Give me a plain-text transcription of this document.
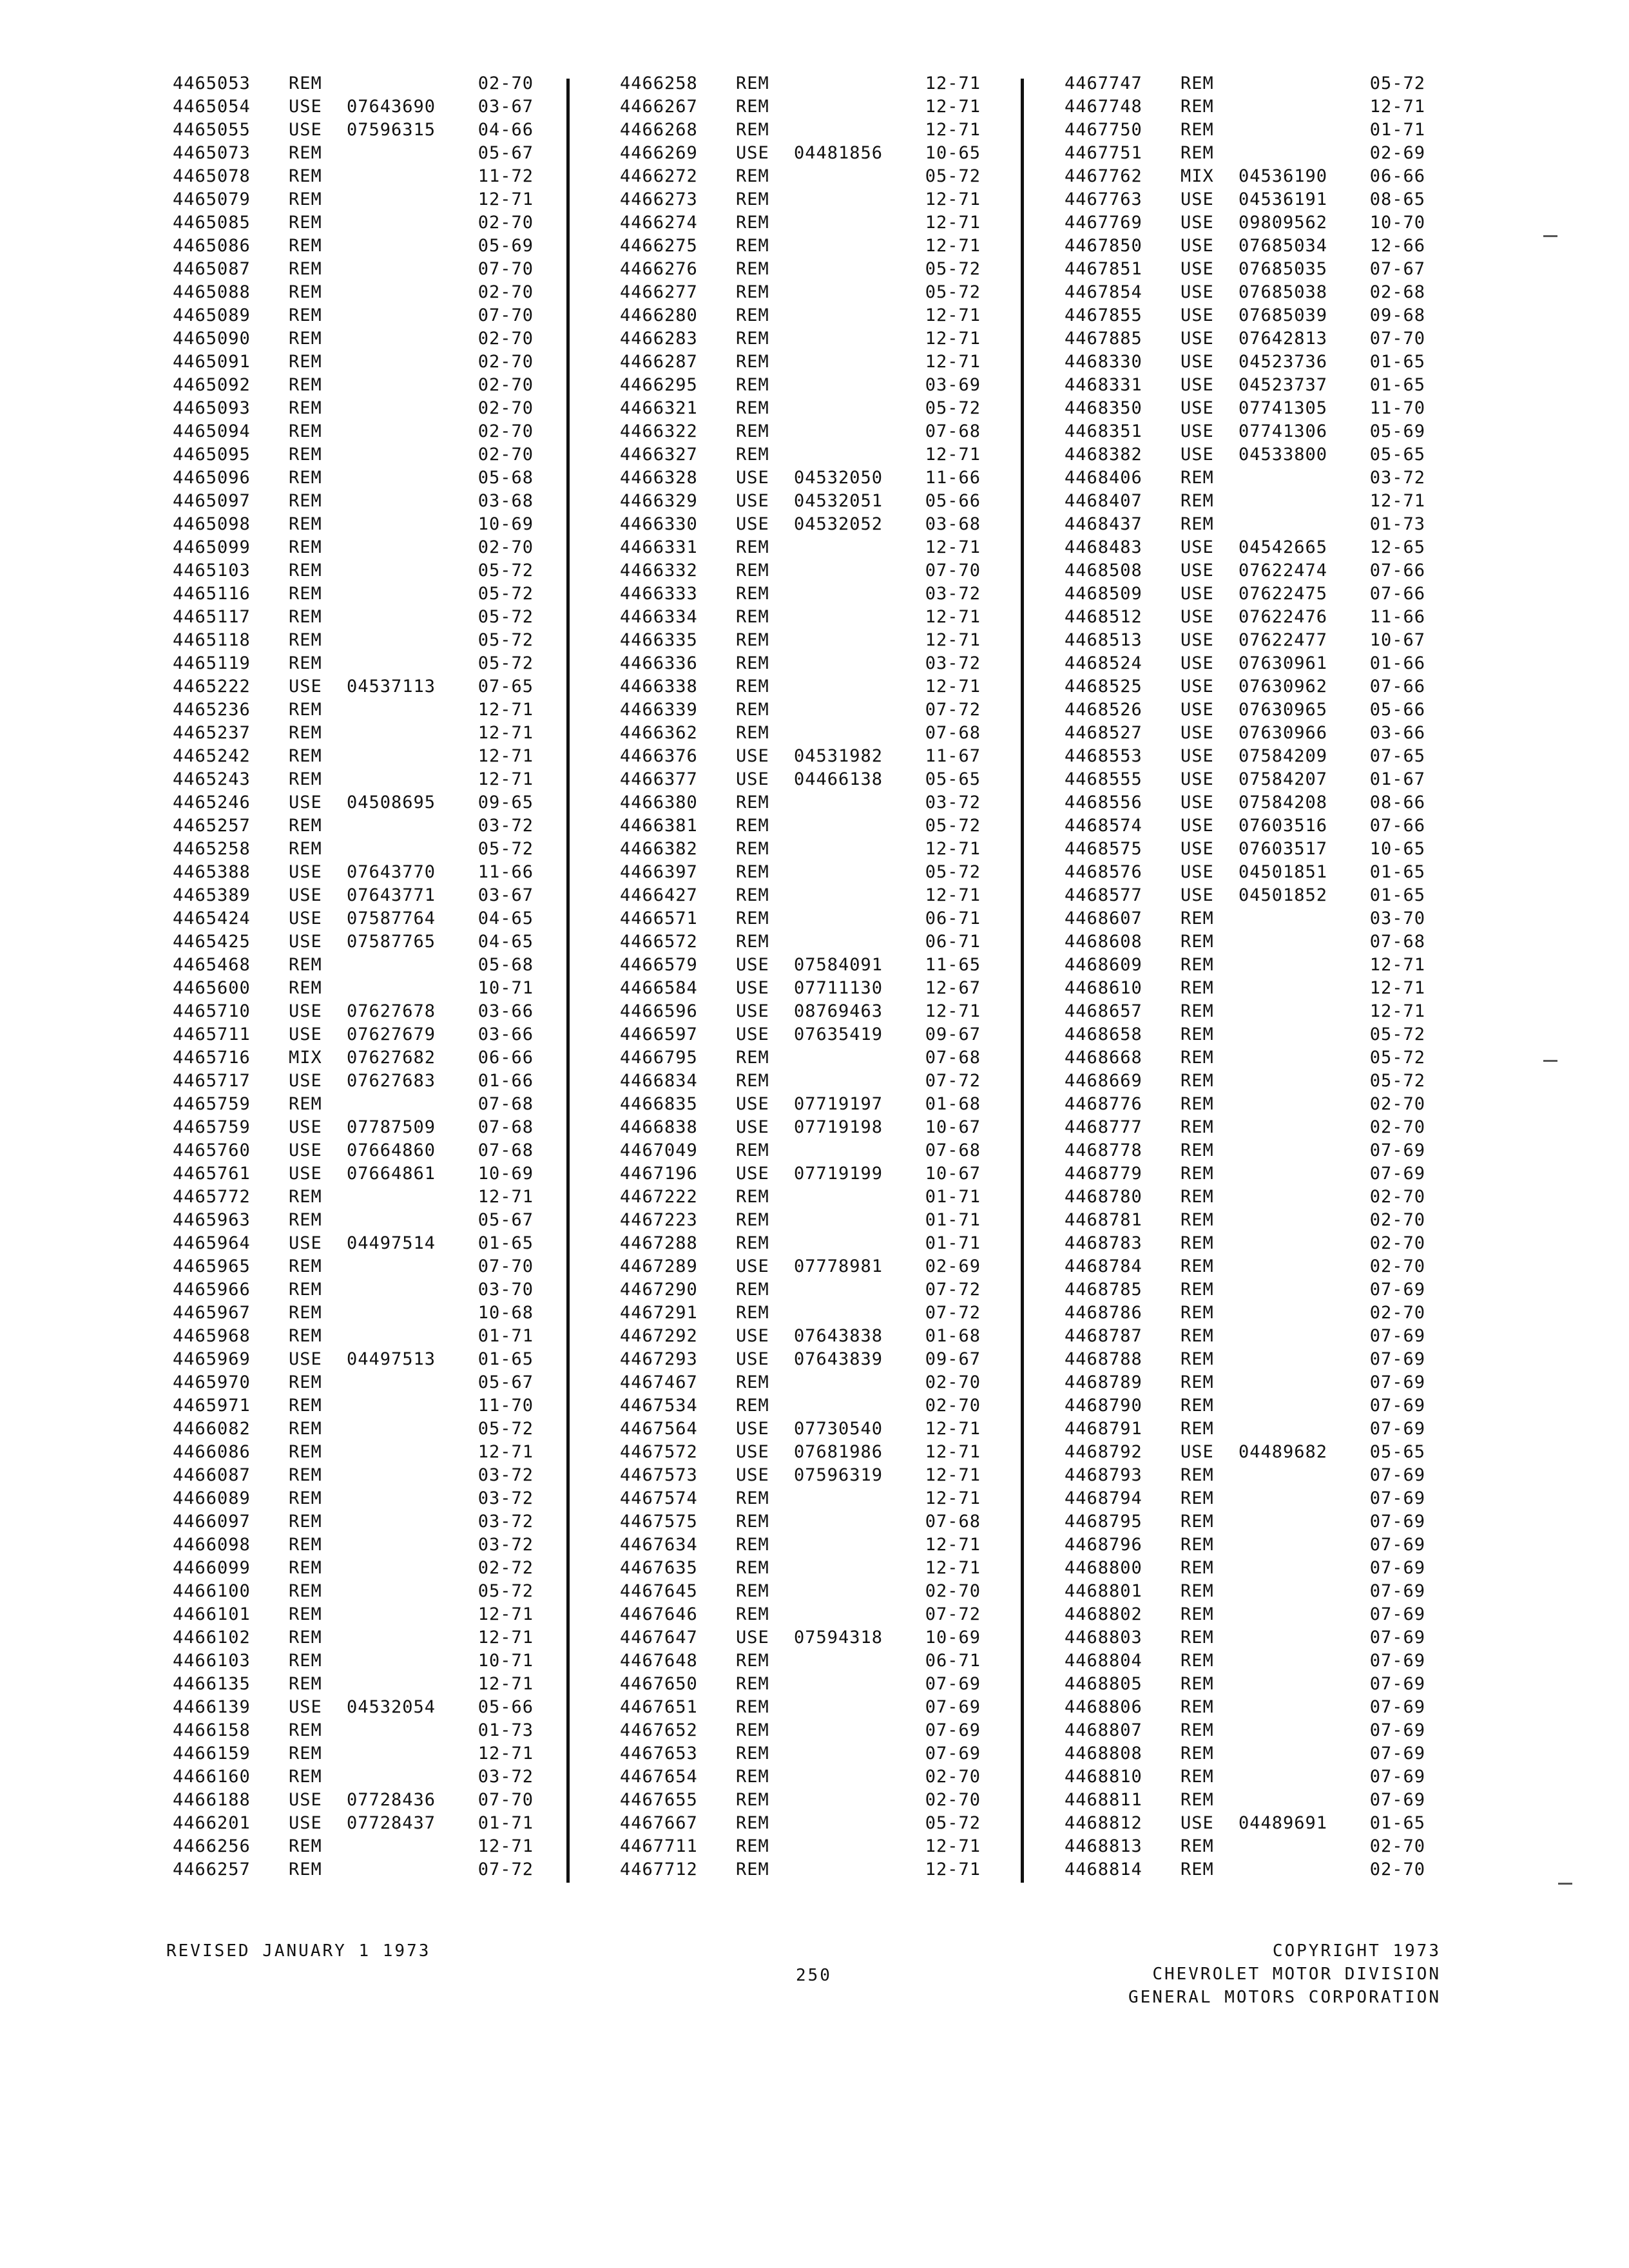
4465053 REM	02-70
4465054 USE 07643690 03-67
4465055 USE 07596315 04-66
4465073 REM	05-67
4465078 REM	11-72
4465079 REM	12-71
4465085 REM	02-70
4465086 REM	05-69
4465087 REM	07-70
4465088 REM	02-70
4465089 REM	07-70
4465090 REM	02-70
4465091 REM	02-70
4465092 REM	02-70
4465093 REM	02-70
4465094 REM	02-70
4465095 REM	02-70
4465096 REM	05-68
4465097 REM	03-68
4465098 REM	10-69
4465099 REM	02-70
4465103 REM	05-72
4465116 REM	05-72
4465117 REM	05-72
4465118 REM	05-72
4465119 REM	05-72
4465222 USE 04537113 07-65
4465236 REM	12-71
4465237 REM	12-71
4465242 REM	12-71
4465243 REM	12-71
4465246 USE 04508695 09-65
4465257 REM	03-72
4465258 REM	05-72
4465388 USE 07643770 11-66
4465389 USE 07643771 03-67
4465424 USE 07587764 04-65
4465425 USE 07587765 04-65
4465468 REM	05-68
4465600 REM	10-71
4465710 USE 07627678 03-66
4465711 USE 07627679 03-66
4465716 MIX 07627682 06-66
4465717 USE 07627683 01-66
4465759 REM	07-68
4465759 USE 07787509 07-68
4465760 USE 07664860 07-68
4465761 USE 07664861 10-69
4465772 REM	12-71
4465963 REM	05-67
4465964 USE 04497514 01-65
4465965 REM	07-70
4465966 REM	03-70
4465967 REM	10-68
4465968 REM	01-71
4465969 USE 04497513 01-65
4465970 REM	05-67
4465971 REM	11-70
4466082 REM	05-72
4466086 REM	12-71
4466087 REM	03-72
4466089 REM	03-72
4466097 REM	03-72
4466098 REM	03-72
4466099 REM	02-72
4466100 REM	05-72
4466101 REM	12-71
4466102 REM	12-71
4466103 REM	10-71
4466135 REM	12-71
4466139 USE 04532054 05-66
4466158 REM	01-73
4466159 REM	12-71
4466160 REM	03-72
4466188 USE 07728436 07-70
4466201 USE 07728437 01-71
4466256 REM	12-71
4466257 REM	07-72
4466258 REM	12-71
4466267 REM	12-71
4466268 REM	12-71
4466269 USE 04481856 10-65
4466272 REM	05-72
4466273 REM	12-71
4466274 REM	12-71
4466275 REM	12-71
4466276 REM	05-72
4466277 REM	05-72
4466280 REM	12-71
4466283 REM	12-71
4466287 REM	12-71
4466295 REM	03-69
4466321 REM	05-72
4466322 REM	07-68
4466327 REM	12-71
4466328 USE 04532050 11-66
4466329 USE 04532051 05-66
4466330 USE 04532052 03-68
4466331 REM	12-71
4466332 REM	07-70
4466333 REM	03-72
4466334 REM	12-71
4466335 REM	12-71
4466336 REM	03-72
4466338 REM	12-71
4466339 REM	07-72
4466362 REM	07-68
4466376 USE 04531982 11-67
4466377 USE 04466138 05-65
4466380 REM	03-72
4466381 REM	05-72
4466382 REM	12-71
4466397 REM	05-72
4466427 REM	12-71
4466571 REM	06-71
4466572 REM	06-71
4466579 USE 07584091 11-65
4466584 USE 07711130 12-67
4466596 USE 08769463 12-71
4466597 USE 07635419 09-67
4466795 REM	07-68
4466834 REM	07-72
4466835 USE 07719197 01-68
4466838 USE 07719198 10-67
4467049 REM	07-68
4467196 USE 07719199 10-67
4467222 REM	01-71
4467223 REM	01-71
4467288 REM	01-71
4467289 USE 07778981 02-69
4467290 REM	07-72
4467291 REM	07-72
4467292 USE 07643838 01-68
4467293 USE 07643839 09-67
4467467 REM	02-70
4467534 REM	02-70
4467564 USE 07730540 12-71
4467572 USE 07681986 12-71
4467573 USE 07596319 12-71
4467574 REM	12-71
4467575 REM	07-68
4467634 REM	12-71
4467635 REM	12-71
4467645 REM	02-70
4467646 REM	07-72
4467647 USE 07594318 10-69
4467648 REM	06-71
4467650 REM	07-69
4467651 REM	07-69
4467652 REM	07-69
4467653 REM	07-69
4467654 REM	02-70
4467655 REM	02-70
4467667 REM	05-72
4467711 REM	12-71
4467712 REM	12-71
4467747 REM	05-72
4467748 REM	12-71
4467750 REM	01-71
4467751 REM	02-69
4467762 MIX 04536190 06-66
4467763 USE 04536191 08-65
4467769 USE 09809562 10-70
4467850 USE 07685034 12-66
4467851 USE 07685035 07-67
4467854 USE 07685038 02-68
4467855 USE 07685039 09-68
4467885 USE 07642813 07-70
4468330 USE 04523736 01-65
4468331 USE 04523737 01-65
4468350 USE 07741305 11-70
4468351 USE 07741306 05-69
4468382 USE 04533800 05-65
4468406 REM	03-72
4468407 REM	12-71
4468437 REM	01-73
4468483 USE 04542665 12-65
4468508 USE 07622474 07-66
4468509 USE 07622475 07-66
4468512 USE 07622476 11-66
4468513 USE 07622477 10-67
4468524 USE 07630961 01-66
4468525 USE 07630962 07-66
4468526 USE 07630965 05-66
4468527 USE 07630966 03-66
4468553 USE 07584209 07-65
4468555 USE 07584207 01-67
4468556 USE 07584208 08-66
4468574 USE 07603516 07-66
4468575 USE 07603517 10-65
4468576 USE 04501851 01-65
4468577 USE 04501852 01-65
4468607 REM	03-70
4468608 REM	07-68
4468609 REM	12-71
4468610 REM	12-71
4468657 REM	12-71
4468658 REM	05-72
4468668 REM	05-72
4468669 REM	05-72
4468776 REM	02-70
4468777 REM	02-70
4468778 REM	07-69
4468779 REM	07-69
4468780 REM	02-70
4468781 REM	02-70
4468783 REM	02-70
4468784 REM	02-70
4468785 REM	07-69
4468786 REM	02-70
4468787 REM	07-69
4468788 REM	07-69
4468789 REM	07-69
4468790 REM	07-69
4468791 REM	07-69
4468792 USE 04489682 05-65
4468793 REM	07-69
4468794 REM	07-69
4468795 REM	07-69
4468796 REM	07-69
4468800 REM	07-69
4468801 REM	07-69
4468802 REM	07-69
4468803 REM	07-69
4468804 REM	07-69
4468805 REM	07-69
4468806 REM	07-69
4468807 REM	07-69
4468808 REM	07-69
4468810 REM	07-69
4468811 REM	07-69
4468812 USE 04489691 01-65
4468813 REM	02-70
4468814 REM	02-70
REVISED JANUARY 1 1973
250
COPYRIGHT 1973
CHEVROLET MOTOR DIVISION
GENERAL MOTORS CORPORATION
